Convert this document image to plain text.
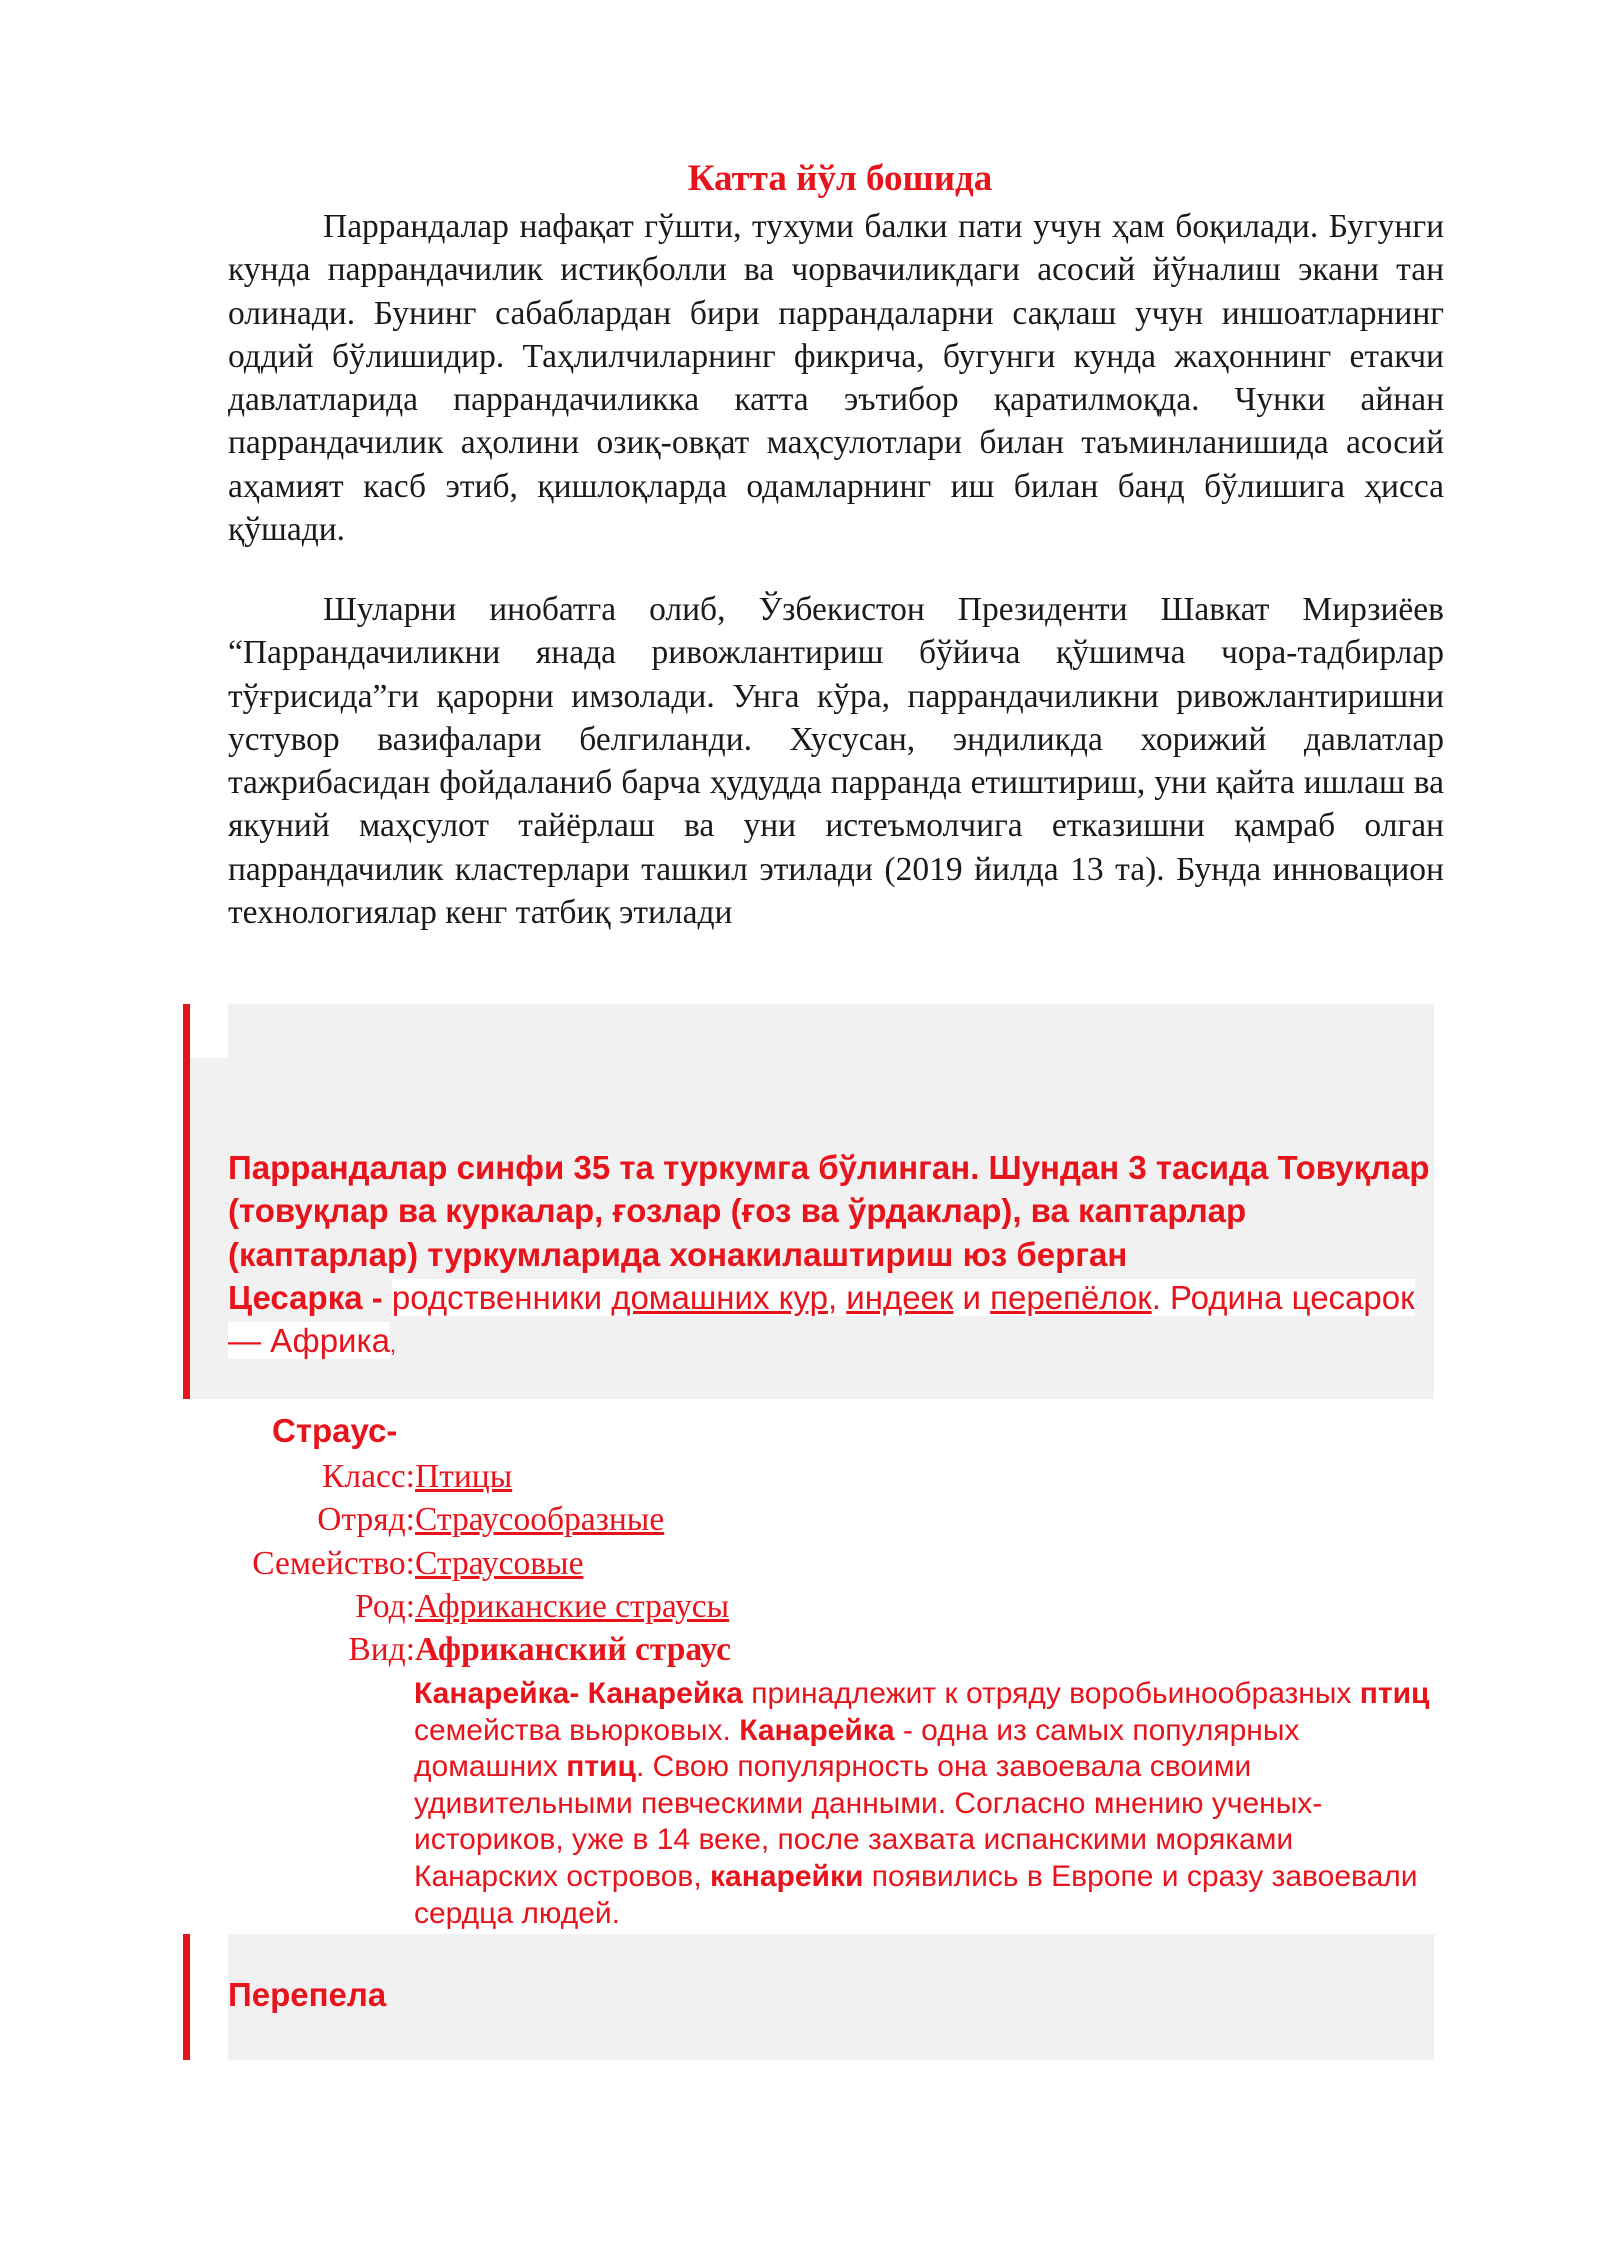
Катта йўл бошида

Паррандалар нафақат гўшти, тухуми балки пати учун ҳам боқилади. Бугунги кунда паррандачилик истиқболли ва чорвачиликдаги асосий йўналиш экани тан олинади. Бунинг сабаблардан бири паррандаларни сақлаш учун иншоатларнинг оддий бўлишидир. Таҳлилчиларнинг фикрича, бугунги кунда жаҳоннинг етакчи давлатларида паррандачиликка катта эътибор қаратилмоқда. Чунки айнан паррандачилик аҳолини озиқ-овқат маҳсулотлари билан таъминланишида асосий аҳамият касб этиб, қишлоқларда одамларнинг иш билан банд бўлишига ҳисса қўшади.

Шуларни инобатга олиб, Ўзбекистон Президенти Шавкат Мирзиёев “Паррандачиликни янада ривожлантириш бўйича қўшимча чора-тадбирлар тўғрисида”ги қарорни имзолади. Унга кўра, паррандачиликни ривожлантиришни устувор вазифалари белгиланди. Хусусан, эндиликда хорижий давлатлар тажрибасидан фойдаланиб барча ҳудудда парранда етиштириш, уни қайта ишлаш ва якуний маҳсулот тайёрлаш ва уни истеъмолчига етказишни қамраб олган паррандачилик кластерлари ташкил этилади (2019 йилда 13 та). Бунда инновацион технологиялар кенг татбиқ этилади

Паррандалар синфи 35 та туркумга бўлинган. Шундан 3 тасида Товуқлар (товуқлар ва куркалар, ғозлар (ғоз ва ўрдаклар), ва каптарлар (каптарлар) туркумларида хонакилаштириш юз берган

Цесарка - родственники домашних кур, индеек и перепёлок. Родина цесарок — Африка,

Страус-
Класс: Птицы
Отряд: Страусообразные
Семейство: Страусовые
Род: Африканские страусы
Вид: Африканский страус

Канарейка- Канарейка принадлежит к отряду воробьинообразных птиц семейства вьюрковых. Канарейка - одна из самых популярных домашних птиц. Свою популярность она завоевала своими удивительными певческими данными. Согласно мнению ученых-историков, уже в 14 веке, после захвата испанскими моряками Канарских островов, канарейки появились в Европе и сразу завоевали сердца людей.

Перепела
